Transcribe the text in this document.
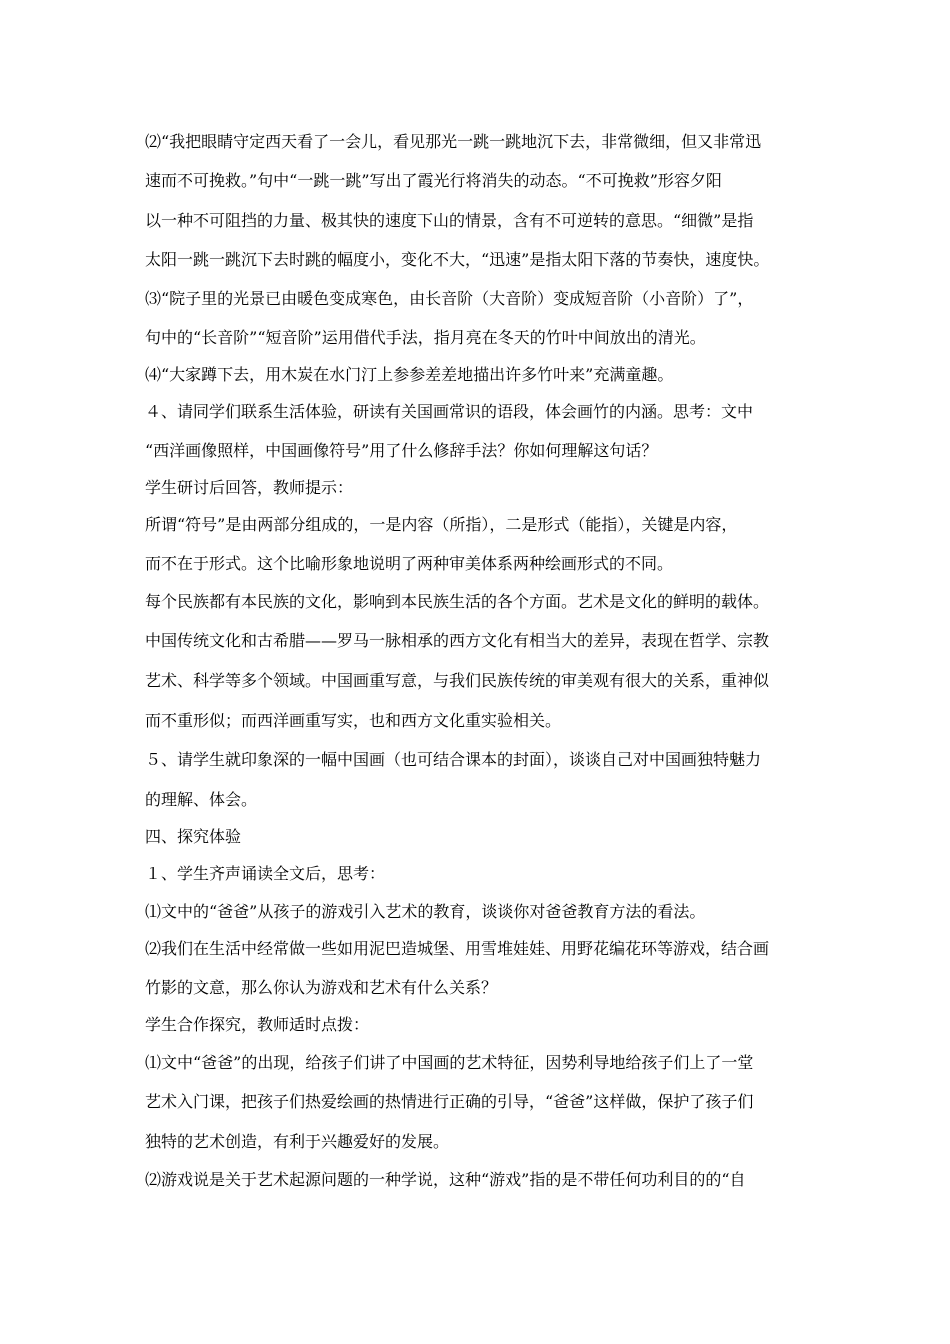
⑵“我把眼睛守定西天看了一会儿，看见那光一跳一跳地沉下去，非常微细，但又非常迅

速而不可挽救。”句中“一跳一跳”写出了霞光行将消失的动态。“不可挽救”形容夕阳

以一种不可阻挡的力量、极其快的速度下山的情景，含有不可逆转的意思。“细微”是指

太阳一跳一跳沉下去时跳的幅度小，变化不大，“迅速”是指太阳下落的节奏快，速度快。

⑶“院子里的光景已由暖色变成寒色，由长音阶（大音阶）变成短音阶（小音阶）了”，

句中的“长音阶”“短音阶”运用借代手法，指月亮在冬天的竹叶中间放出的清光。

⑷“大家蹲下去，用木炭在水门汀上参参差差地描出许多竹叶来”充满童趣。

４、请同学们联系生活体验，研读有关国画常识的语段，体会画竹的内涵。思考：文中

“西洋画像照样，中国画像符号”用了什么修辞手法？你如何理解这句话？

学生研讨后回答，教师提示：

所谓“符号”是由两部分组成的，一是内容（所指），二是形式（能指），关键是内容，

而不在于形式。这个比喻形象地说明了两种审美体系两种绘画形式的不同。

每个民族都有本民族的文化，影响到本民族生活的各个方面。艺术是文化的鲜明的载体。

中国传统文化和古希腊——罗马一脉相承的西方文化有相当大的差异，表现在哲学、宗教

艺术、科学等多个领域。中国画重写意，与我们民族传统的审美观有很大的关系，重神似

而不重形似；而西洋画重写实，也和西方文化重实验相关。

５、请学生就印象深的一幅中国画（也可结合课本的封面），谈谈自己对中国画独特魅力

的理解、体会。

四、探究体验

１、学生齐声诵读全文后，思考：

⑴文中的“爸爸”从孩子的游戏引入艺术的教育，谈谈你对爸爸教育方法的看法。

⑵我们在生活中经常做一些如用泥巴造城堡、用雪堆娃娃、用野花编花环等游戏，结合画

竹影的文意，那么你认为游戏和艺术有什么关系？

学生合作探究，教师适时点拨：

⑴文中“爸爸”的出现，给孩子们讲了中国画的艺术特征，因势利导地给孩子们上了一堂

艺术入门课，把孩子们热爱绘画的热情进行正确的引导，“爸爸”这样做，保护了孩子们

独特的艺术创造，有利于兴趣爱好的发展。

⑵游戏说是关于艺术起源问题的一种学说，这种“游戏”指的是不带任何功利目的的“自
